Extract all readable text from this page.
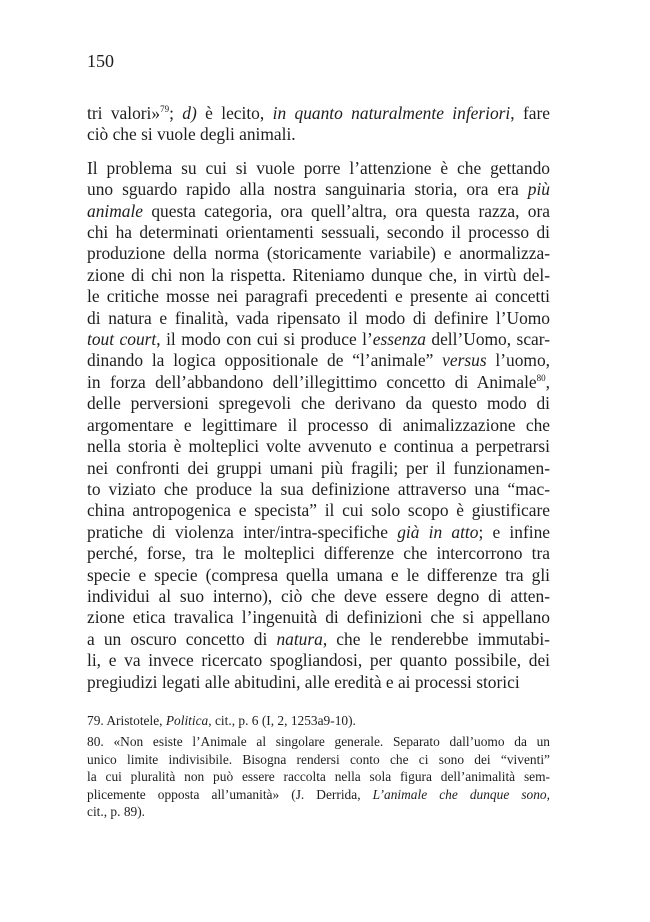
150
tri valori»$^{79}$; d) è lecito, in quanto naturalmente inferiori, fare
ciò che si vuole degli animali.
Il problema su cui si vuole porre l’attenzione è che gettando
uno sguardo rapido alla nostra sanguinaria storia, ora era più
animale questa categoria, ora quell’altra, ora questa razza, ora
chi ha determinati orientamenti sessuali, secondo il processo di
produzione della norma (storicamente variabile) e anormalizza-
zione di chi non la rispetta. Riteniamo dunque che, in virtù del-
le critiche mosse nei paragrafi precedenti e presente ai concetti
di natura e finalità, vada ripensato il modo di definire l’Uomo
tout court, il modo con cui si produce l’essenza dell’Uomo, scar-
dinando la logica oppositionale de “l’animale” versus l’uomo,
in forza dell’abbandono dell’illegittimo concetto di Animale$^{80}$,
delle perversioni spregevoli che derivano da questo modo di
argomentare e legittimare il processo di animalizzazione che
nella storia è molteplici volte avvenuto e continua a perpetrarsi
nei confronti dei gruppi umani più fragili; per il funzionamen-
to viziato che produce la sua definizione attraverso una “mac-
china antropogenica e specista” il cui solo scopo è giustificare
pratiche di violenza inter/intra-specifiche già in atto; e infine
perché, forse, tra le molteplici differenze che intercorrono tra
specie e specie (compresa quella umana e le differenze tra gli
individui al suo interno), ciò che deve essere degno di atten-
zione etica travalica l’ingenuità di definizioni che si appellano
a un oscuro concetto di natura, che le renderebbe immutabi-
li, e va invece ricercato spogliandosi, per quanto possibile, dei
pregiudizi legati alle abitudini, alle eredità e ai processi storici
79. Aristotele, Politica, cit., p. 6 (I, 2, 1253a9-10).
80. «Non esiste l’Animale al singolare generale. Separato dall’uomo da un
unico limite indivisibile. Bisogna rendersi conto che ci sono dei “viventi”
la cui pluralità non può essere raccolta nella sola figura dell’animalità sem-
plicemente opposta all’umanità» (J. Derrida, L’animale che dunque sono,
cit., p. 89).
